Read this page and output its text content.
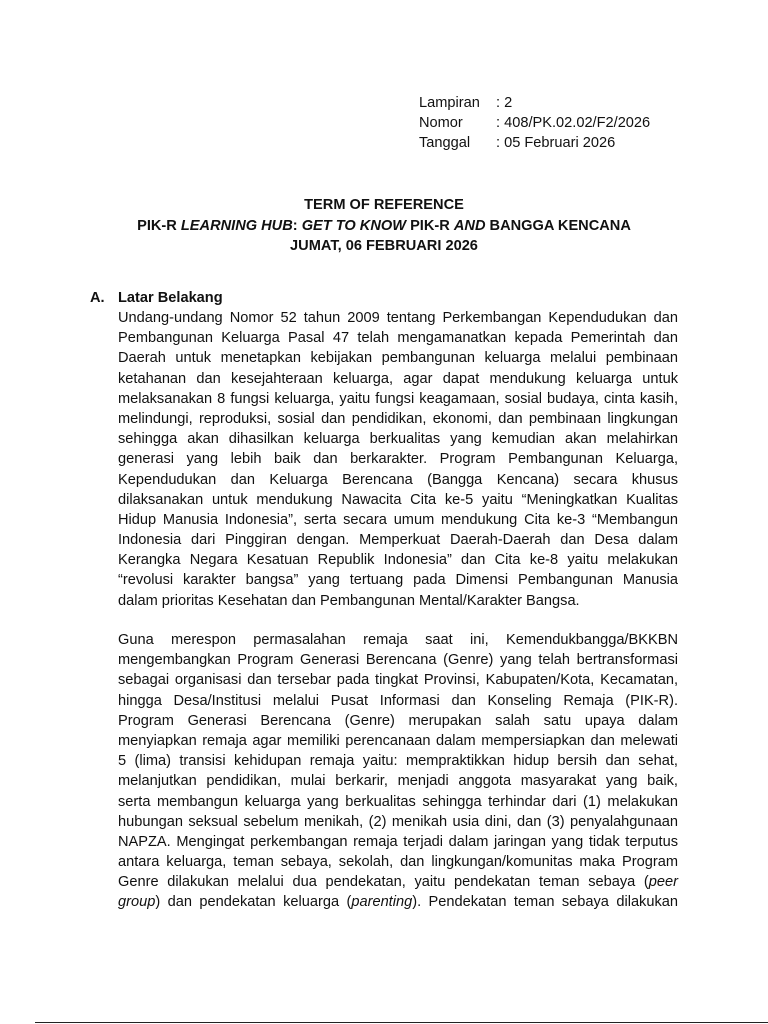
Lampiran	: 2
Nomor	: 408/PK.02.02/F2/2026
Tanggal	: 05 Februari 2026
TERM OF REFERENCE
PIK-R LEARNING HUB: GET TO KNOW PIK-R AND BANGGA KENCANA
JUMAT, 06 FEBRUARI 2026
A. Latar Belakang
Undang-undang Nomor 52 tahun 2009 tentang Perkembangan Kependudukan dan
Pembangunan Keluarga Pasal 47 telah mengamanatkan kepada Pemerintah dan
Daerah untuk menetapkan kebijakan pembangunan keluarga melalui pembinaan
ketahanan dan kesejahteraan keluarga, agar dapat mendukung keluarga untuk
melaksanakan 8 fungsi keluarga, yaitu fungsi keagamaan, sosial budaya, cinta kasih,
melindungi, reproduksi, sosial dan pendidikan, ekonomi, dan pembinaan lingkungan
sehingga akan dihasilkan keluarga berkualitas yang kemudian akan melahirkan
generasi yang lebih baik dan berkarakter. Program Pembangunan Keluarga,
Kependudukan dan Keluarga Berencana (Bangga Kencana) secara khusus
dilaksanakan untuk mendukung Nawacita Cita ke-5 yaitu “Meningkatkan Kualitas
Hidup Manusia Indonesia”, serta secara umum mendukung Cita ke-3 “Membangun
Indonesia dari Pinggiran dengan. Memperkuat Daerah-Daerah dan Desa dalam
Kerangka Negara Kesatuan Republik Indonesia” dan Cita ke-8 yaitu melakukan
“revolusi karakter bangsa” yang tertuang pada Dimensi Pembangunan Manusia
dalam prioritas Kesehatan dan Pembangunan Mental/Karakter Bangsa.
Guna merespon permasalahan remaja saat ini, Kemendukbangga/BKKBN
mengembangkan Program Generasi Berencana (Genre) yang telah bertransformasi
sebagai organisasi dan tersebar pada tingkat Provinsi, Kabupaten/Kota, Kecamatan,
hingga Desa/Institusi melalui Pusat Informasi dan Konseling Remaja (PIK-R).
Program Generasi Berencana (Genre) merupakan salah satu upaya dalam
menyiapkan remaja agar memiliki perencanaan dalam mempersiapkan dan melewati
5 (lima) transisi kehidupan remaja yaitu: mempraktikkan hidup bersih dan sehat,
melanjutkan pendidikan, mulai berkarir, menjadi anggota masyarakat yang baik,
serta membangun keluarga yang berkualitas sehingga terhindar dari (1) melakukan
hubungan seksual sebelum menikah, (2) menikah usia dini, dan (3) penyalahgunaan
NAPZA. Mengingat perkembangan remaja terjadi dalam jaringan yang tidak terputus
antara keluarga, teman sebaya, sekolah, dan lingkungan/komunitas maka Program
Genre dilakukan melalui dua pendekatan, yaitu pendekatan teman sebaya (peer
group) dan pendekatan keluarga (parenting). Pendekatan teman sebaya dilakukan
